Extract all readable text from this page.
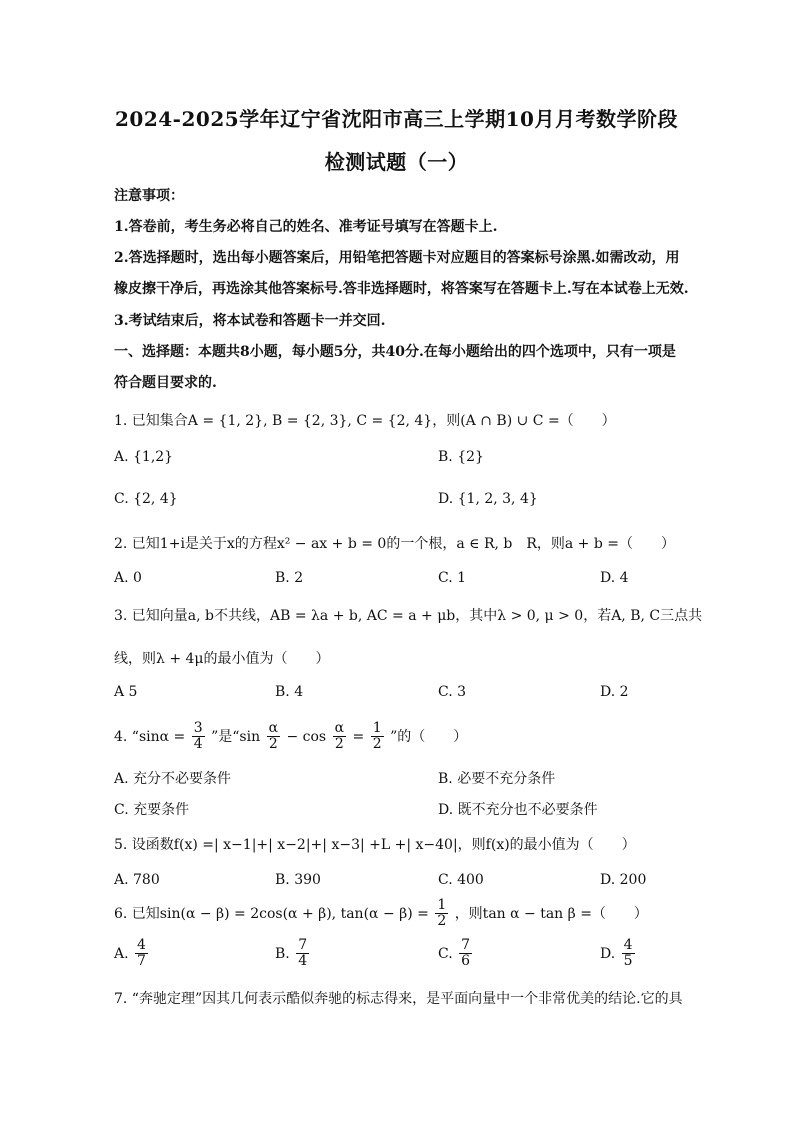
2024-2025学年辽宁省沈阳市高三上学期10月月考数学阶段
检测试题（一）
注意事项：
1.答卷前，考生务必将自己的姓名、准考证号填写在答题卡上.
2.答选择题时，选出每小题答案后，用铅笔把答题卡对应题目的答案标号涂黑.如需改动，用
橡皮擦干净后，再选涂其他答案标号.答非选择题时，将答案写在答题卡上.写在本试卷上无效.
3.考试结束后，将本试卷和答题卡一并交回.
一、选择题：本题共8小题，每小题5分，共40分.在每小题给出的四个选项中，只有一项是
符合题目要求的.
1. 已知集合A = {1, 2}, B = {2, 3}, C = {2, 4}，则(A ∩ B) ∪ C =（　　）
A. {1,2}	B. {2}
C. {2, 4}	D. {1, 2, 3, 4}
2. 已知1+i是关于x的方程x² − ax + b = 0的一个根，a ∈ R, b　R，则a + b =（　　）
A. 0	B. 2	C. 1	D. 4
3. 已知向量a, b不共线，AB = λa + b, AC = a + μb，其中λ > 0, μ > 0，若A, B, C三点共
线，则λ + 4μ的最小值为（　　）
A 5	B. 4	C. 3	D. 2
4. “$\sin\alpha = \frac{3}{4}$ ”是“$\sin \frac{\alpha}{2} - \cos \frac{\alpha}{2} = \frac{1}{2}$ ”的（　　）
A. 充分不必要条件	B. 必要不充分条件
C. 充要条件	D. 既不充分也不必要条件
5. 设函数f(x) =| x−1|+| x−2|+| x−3| +L +| x−40|，则f(x)的最小值为（　　）
A. 780	B. 390	C. 400	D. 200
6. 已知sin(α − β) = 2cos(α + β), $\tan(\alpha - \beta) = \frac{1}{2}$ ，则tan α − tan β =（　　）
A. $\frac{4}{7}$	B. $\frac{7}{4}$	C. $\frac{7}{6}$	D. $\frac{4}{5}$
7. “奔驰定理”因其几何表示酷似奔驰的标志得来，是平面向量中一个非常优美的结论.它的具
